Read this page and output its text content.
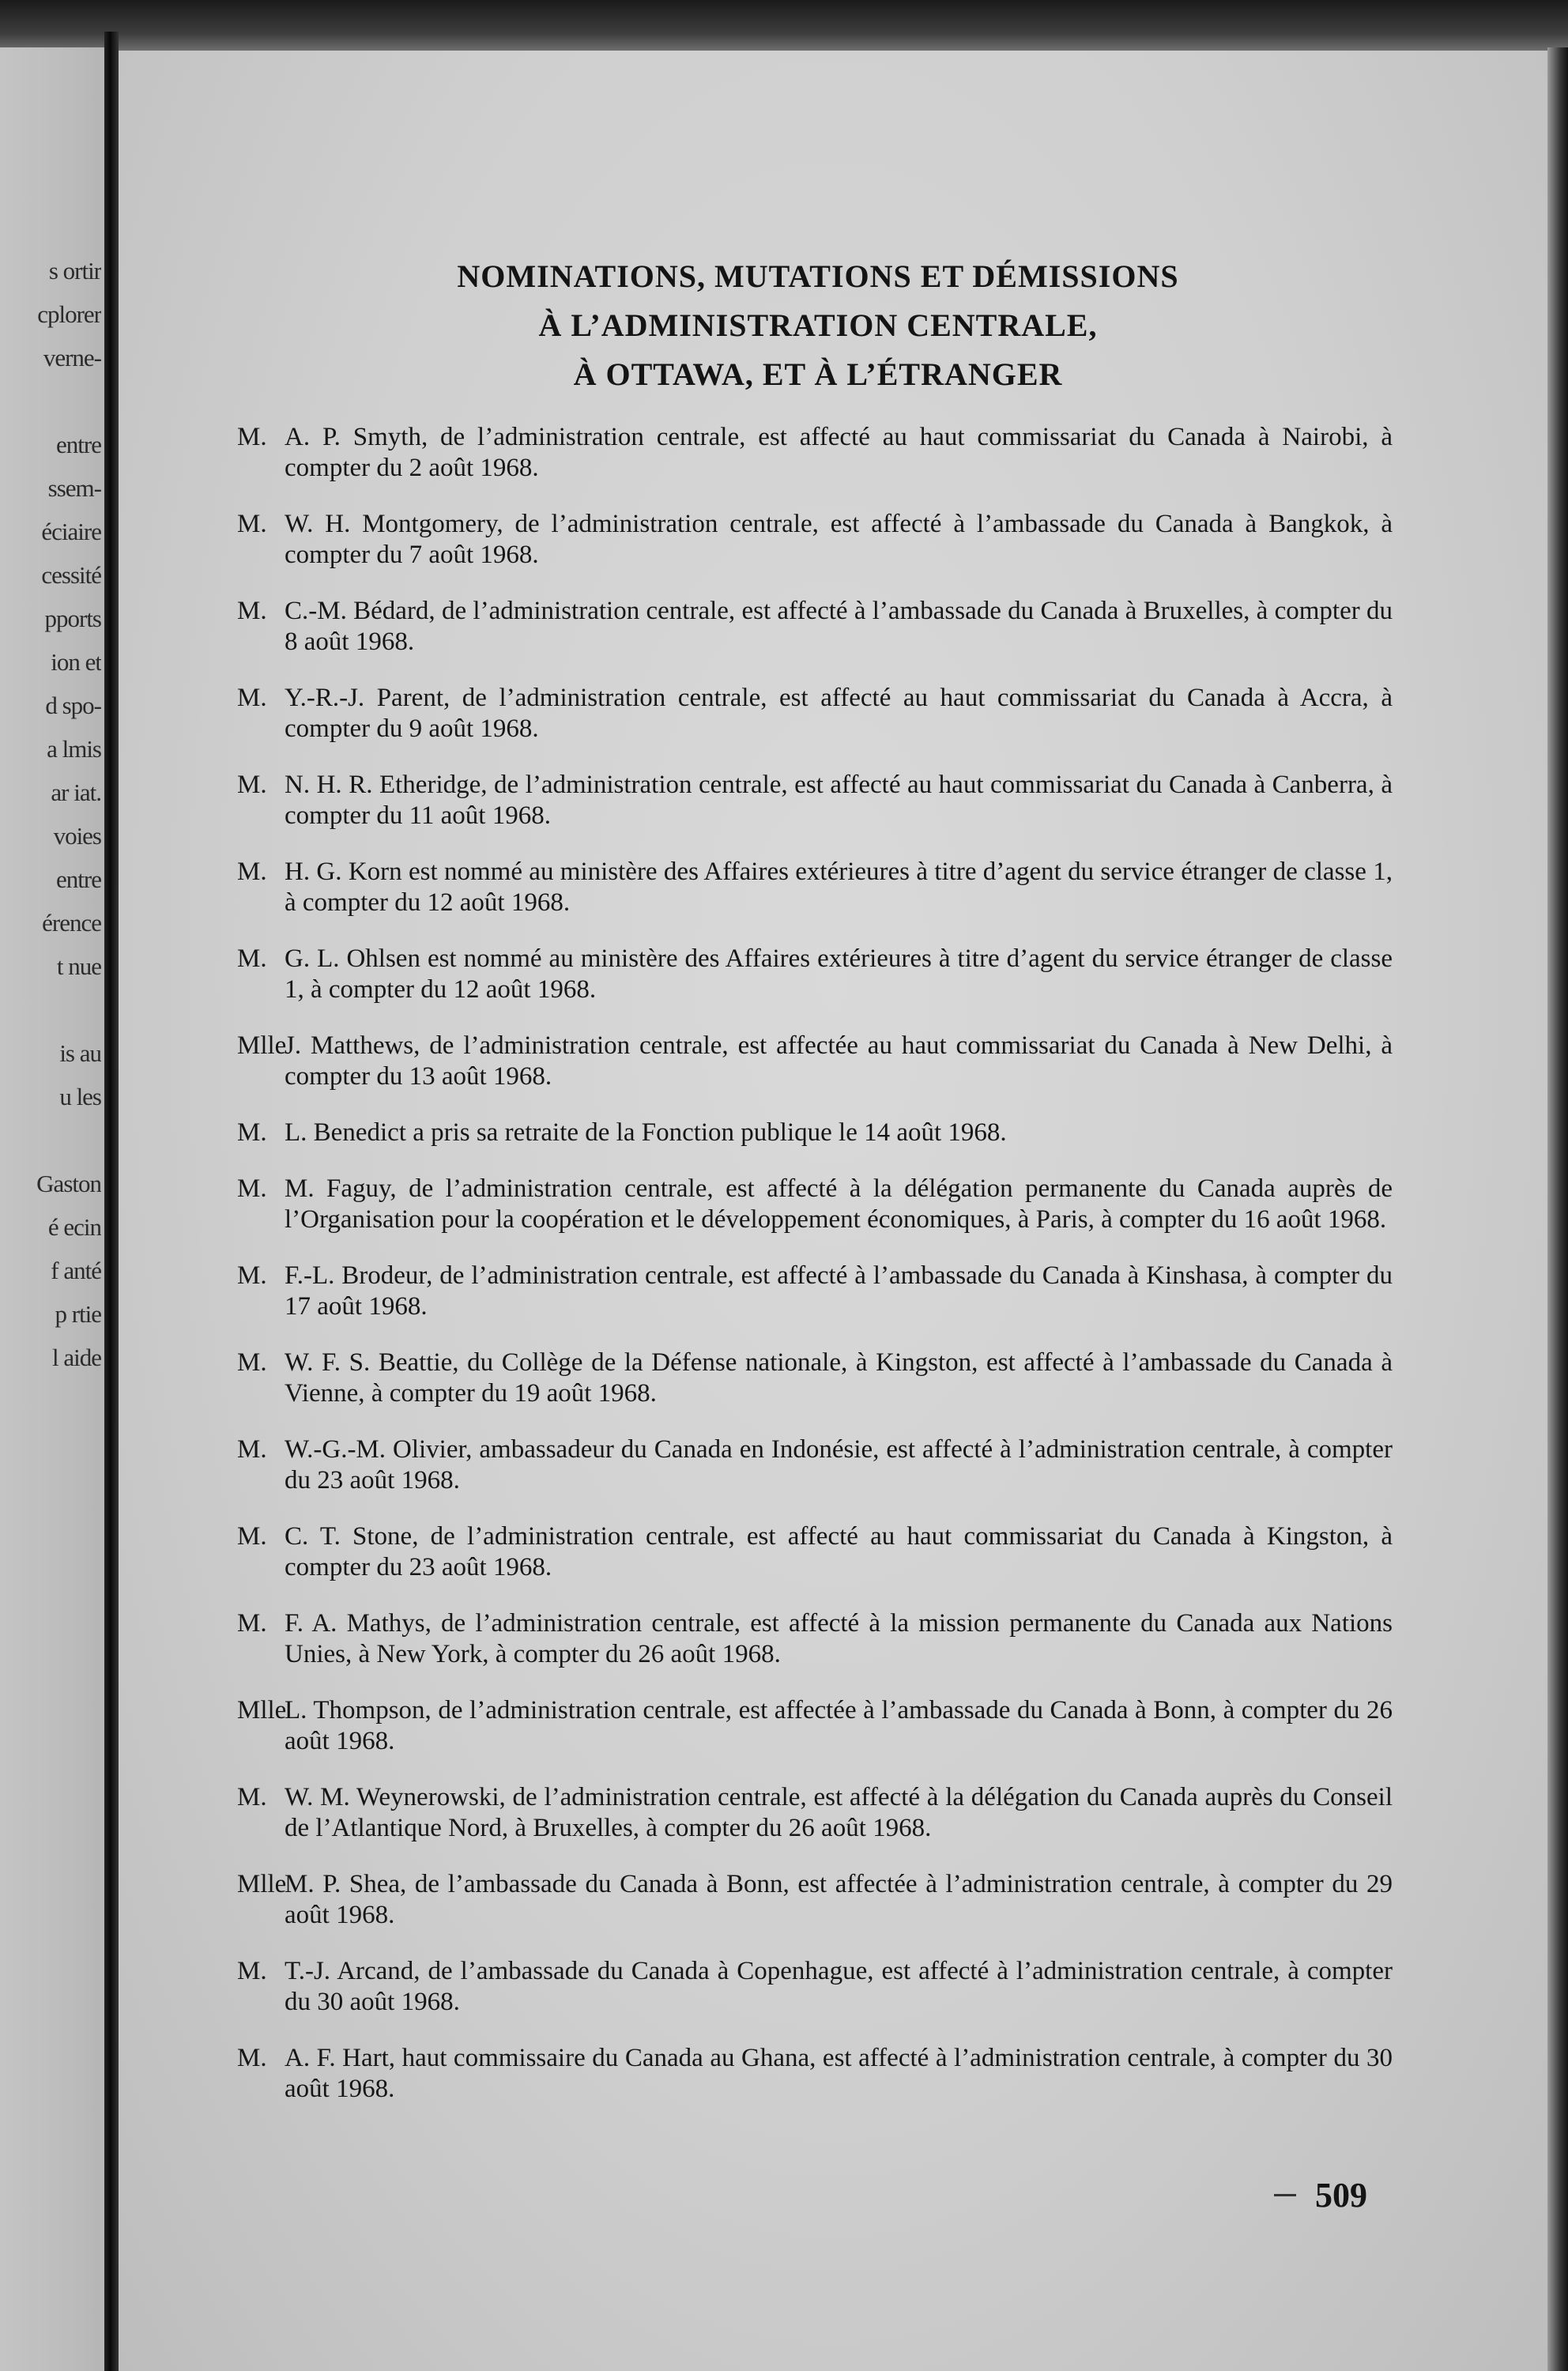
s ortir
cplorer
verne-
entre
ssem-
éciaire
cessité
pports
ion et
d spo-
a lmis
ar iat.
voies
entre
érence
t nue
is au
u les
Gaston
é ecin
f anté
p rtie
l aide
NOMINATIONS, MUTATIONS ET DÉMISSIONS
À L’ADMINISTRATION CENTRALE,
À OTTAWA, ET À L’ÉTRANGER
M. A. P. Smyth, de l’administration centrale, est affecté au haut commissariat du Canada à Nairobi, à compter du 2 août 1968.
M. W. H. Montgomery, de l’administration centrale, est affecté à l’ambassade du Canada à Bangkok, à compter du 7 août 1968.
M. C.-M. Bédard, de l’administration centrale, est affecté à l’ambassade du Canada à Bruxelles, à compter du 8 août 1968.
M. Y.-R.-J. Parent, de l’administration centrale, est affecté au haut commissariat du Canada à Accra, à compter du 9 août 1968.
M. N. H. R. Etheridge, de l’administration centrale, est affecté au haut commissariat du Canada à Canberra, à compter du 11 août 1968.
M. H. G. Korn est nommé au ministère des Affaires extérieures à titre d’agent du service étranger de classe 1, à compter du 12 août 1968.
M. G. L. Ohlsen est nommé au ministère des Affaires extérieures à titre d’agent du service étranger de classe 1, à compter du 12 août 1968.
MlleJ. Matthews, de l’administration centrale, est affectée au haut commissariat du Canada à New Delhi, à compter du 13 août 1968.
M. L. Benedict a pris sa retraite de la Fonction publique le 14 août 1968.
M. M. Faguy, de l’administration centrale, est affecté à la délégation permanente du Canada auprès de l’Organisation pour la coopération et le développement économiques, à Paris, à compter du 16 août 1968.
M. F.-L. Brodeur, de l’administration centrale, est affecté à l’ambassade du Canada à Kinshasa, à compter du 17 août 1968.
M. W. F. S. Beattie, du Collège de la Défense nationale, à Kingston, est affecté à l’ambassade du Canada à Vienne, à compter du 19 août 1968.
M. W.-G.-M. Olivier, ambassadeur du Canada en Indonésie, est affecté à l’administration centrale, à compter du 23 août 1968.
M. C. T. Stone, de l’administration centrale, est affecté au haut commissariat du Canada à Kingston, à compter du 23 août 1968.
M. F. A. Mathys, de l’administration centrale, est affecté à la mission permanente du Canada aux Nations Unies, à New York, à compter du 26 août 1968.
MlleL. Thompson, de l’administration centrale, est affectée à l’ambassade du Canada à Bonn, à compter du 26 août 1968.
M. W. M. Weynerowski, de l’administration centrale, est affecté à la délégation du Canada auprès du Conseil de l’Atlantique Nord, à Bruxelles, à compter du 26 août 1968.
MlleM. P. Shea, de l’ambassade du Canada à Bonn, est affectée à l’administration centrale, à compter du 29 août 1968.
M. T.-J. Arcand, de l’ambassade du Canada à Copenhague, est affecté à l’administration centrale, à compter du 30 août 1968.
M. A. F. Hart, haut commissaire du Canada au Ghana, est affecté à l’administration centrale, à compter du 30 août 1968.
509
